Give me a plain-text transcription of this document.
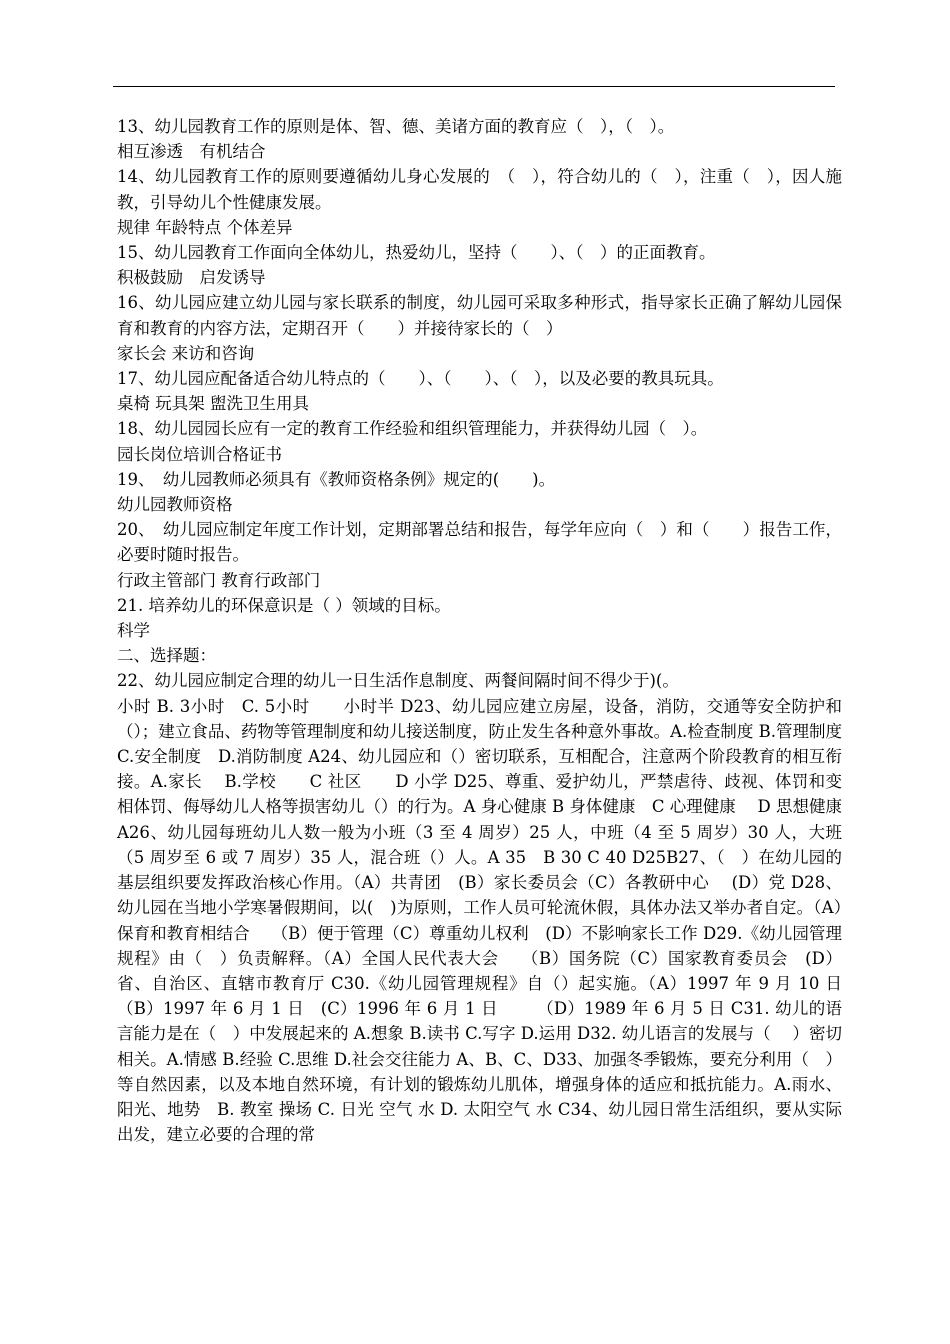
13、幼儿园教育工作的原则是体、智、德、美诸方面的教育应（　），（　）。

相互渗透　有机结合

14、幼儿园教育工作的原则要遵循幼儿身心发展的　（　），符合幼儿的（　），注重（　），因人施教，引导幼儿个性健康发展。

规律 年龄特点 个体差异

15、幼儿园教育工作面向全体幼儿，热爱幼儿，坚持（　　）、（　）的正面教育。

积极鼓励　启发诱导

16、幼儿园应建立幼儿园与家长联系的制度，幼儿园可采取多种形式，指导家长正确了解幼儿园保育和教育的内容方法，定期召开（　　）并接待家长的（　）

家长会 来访和咨询

17、幼儿园应配备适合幼儿特点的（　　）、（　　）、（　），以及必要的教具玩具。

桌椅 玩具架 盥洗卫生用具

18、幼儿园园长应有一定的教育工作经验和组织管理能力，并获得幼儿园（　）。

园长岗位培训合格证书

19、　幼儿园教师必须具有《教师资格条例》规定的(　　)。

幼儿园教师资格

20、　幼儿园应制定年度工作计划，定期部署总结和报告，每学年应向（　）和（　　）报告工作，必要时随时报告。

行政主管部门 教育行政部门

21. 培养幼儿的环保意识是（ ）领域的目标。

科学

二、选择题：

22、幼儿园应制定合理的幼儿一日生活作息制度、两餐间隔时间不得少于)(。

小时 B. 3小时　C. 5小时　　小时半 D23、幼儿园应建立房屋，设备，消防，交通等安全防护和（）；建立食品、药物等管理制度和幼儿接送制度，防止发生各种意外事故。A.检查制度 B.管理制度　C.安全制度　D.消防制度 A24、幼儿园应和（）密切联系，互相配合，注意两个阶段教育的相互衔接。A.家长　 B.学校　　C 社区　　D 小学 D25、尊重、爱护幼儿，严禁虐待、歧视、体罚和变相体罚、侮辱幼儿人格等损害幼儿（）的行为。A 身心健康 B 身体健康　C 心理健康　 D 思想健康 A26、幼儿园每班幼儿人数一般为小班（3 至 4 周岁）25 人，中班（4 至 5 周岁）30 人，大班（5 周岁至 6 或 7 周岁）35 人，混合班（）人。A 35　B 30 C 40 D25B27、（　）在幼儿园的基层组织要发挥政治核心作用。（A）共青团　(B）家长委员会（C）各教研中心　 (D）党 D28、幼儿园在当地小学寒暑假期间，以(　)为原则，工作人员可轮流休假，具体办法又举办者自定。（A）保育和教育相结合　 （B）便于管理（C）尊重幼儿权利　(D）不影响家长工作 D29.《幼儿园管理规程》由（　）负责解释。（A）全国人民代表大会　 （B）国务院（C）国家教育委员会　(D）省、自治区、直辖市教育厅 C30.《幼儿园管理规程》自（）起实施。（A）1997 年 9 月 10 日　　（B）1997 年 6 月 1 日　(C）1996 年 6 月 1 日　　 （D）1989 年 6 月 5 日 C31. 幼儿的语言能力是在（　）中发展起来的 A.想象 B.读书 C.写字 D.运用 D32. 幼儿语言的发展与（　 ）密切相关。A.情感 B.经验 C.思维 D.社会交往能力 A、B、C、D33、加强冬季锻炼，要充分利用（　）等自然因素，以及本地自然环境，有计划的锻炼幼儿肌体，增强身体的适应和抵抗能力。A.雨水、阳光、地势　B. 教室 操场 C. 日光 空气 水 D. 太阳空气 水 C34、幼儿园日常生活组织，要从实际出发，建立必要的合理的常
